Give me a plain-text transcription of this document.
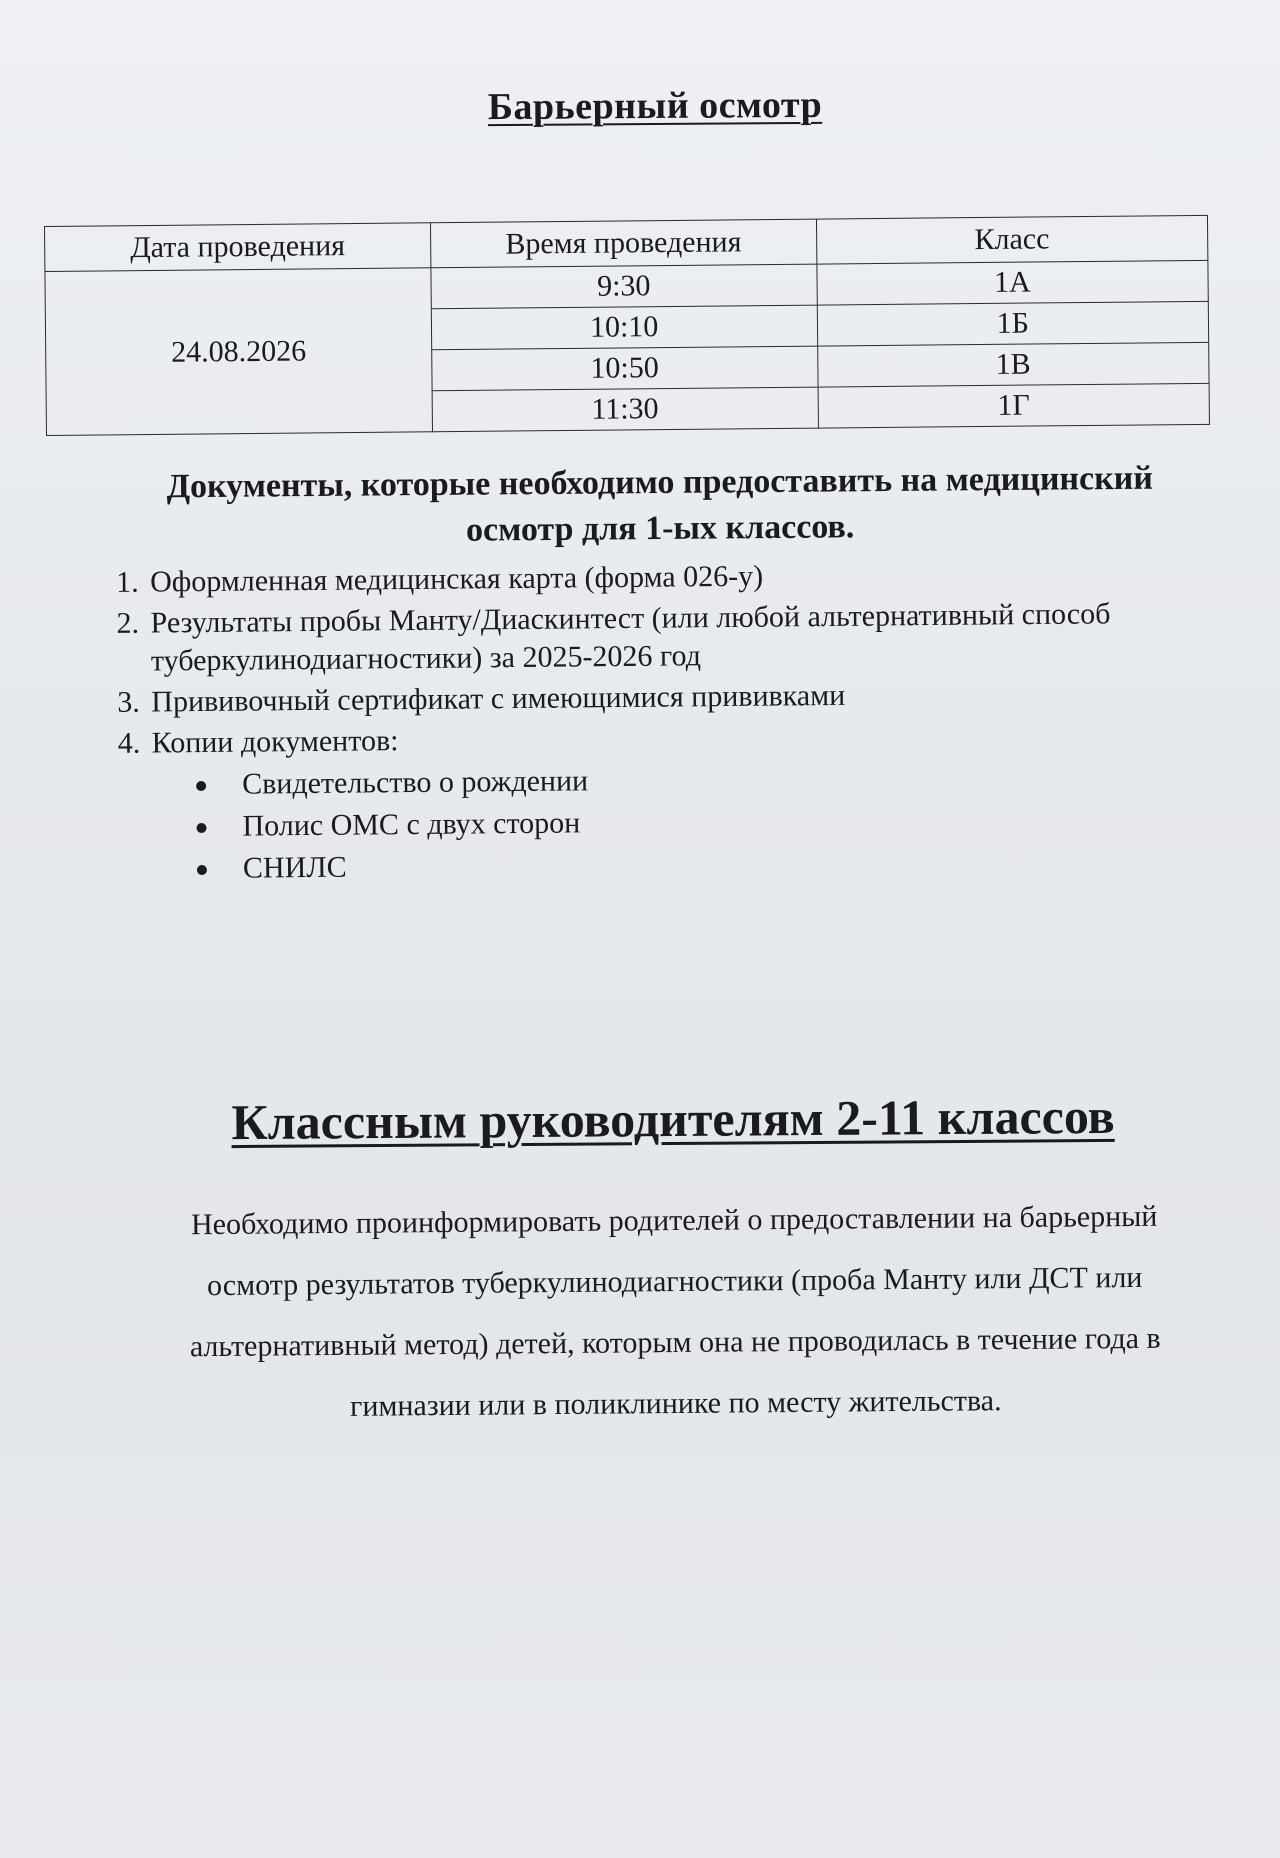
Барьерный осмотр
Дата проведения	Время проведения	Класс
24.08.2026	9:30	1А
	10:10	1Б
	10:50	1В
	11:30	1Г
Документы, которые необходимо предоставить на медицинский
осмотр для 1-ых классов.
1. Оформленная медицинская карта (форма 026-у)
2. Результаты пробы Манту/Диаскинтест (или любой альтернативный способ туберкулинодиагностики) за 2025-2026 год
3. Прививочный сертификат с имеющимися прививками
4. Копии документов:
Свидетельство о рождении
Полис ОМС с двух сторон
СНИЛС
Классным руководителям 2-11 классов
Необходимо проинформировать родителей о предоставлении на барьерный
осмотр результатов туберкулинодиагностики (проба Манту или ДСТ или
альтернативный метод) детей, которым она не проводилась в течение года в
гимназии или в поликлинике по месту жительства.
